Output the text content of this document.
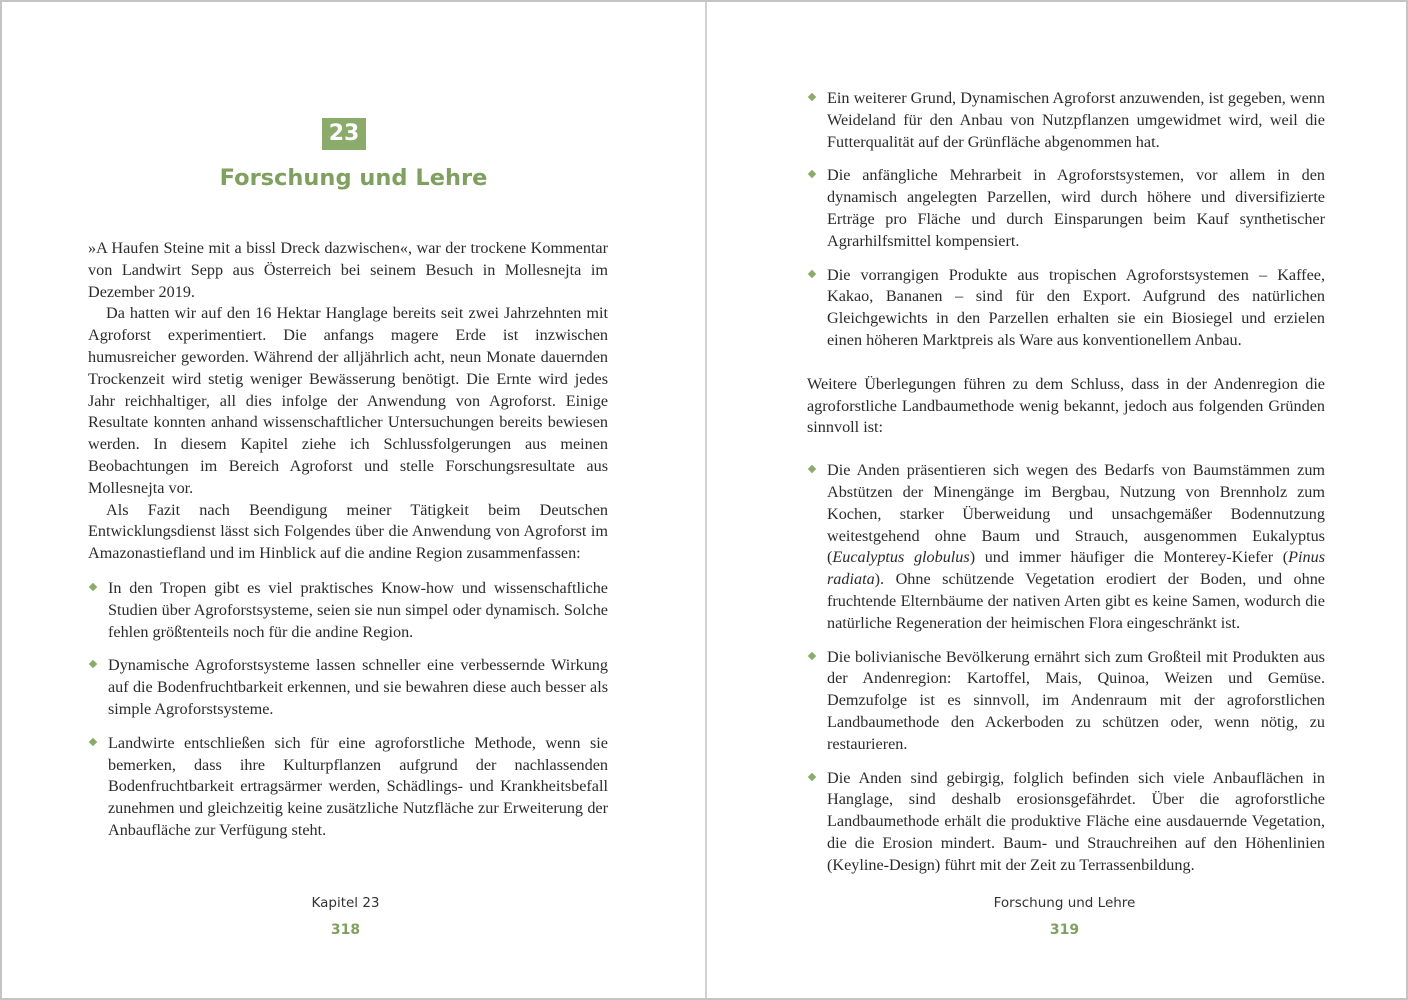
23
Forschung und Lehre

»A Haufen Steine mit a bissl Dreck dazwischen«, war der trockene Kommentar von Landwirt Sepp aus Österreich bei seinem Besuch in Mollesnejta im Dezember 2019.

Da hatten wir auf den 16 Hektar Hanglage bereits seit zwei Jahrzehnten mit Agroforst experimentiert. Die anfangs magere Erde ist inzwischen humusreicher geworden. Während der alljährlich acht, neun Monate dauernden Trockenzeit wird stetig weniger Bewässerung benötigt. Die Ernte wird jedes Jahr reichhaltiger, all dies infolge der Anwendung von Agroforst. Einige Resultate konnten anhand wissenschaftlicher Untersuchungen bereits bewiesen werden. In diesem Kapitel ziehe ich Schlussfolgerungen aus meinen Beobachtungen im Bereich Agroforst und stelle Forschungsresultate aus Mollesnejta vor.

Als Fazit nach Beendigung meiner Tätigkeit beim Deutschen Entwicklungsdienst lässt sich Folgendes über die Anwendung von Agroforst im Amazonastiefland und im Hinblick auf die andine Region zusammenfassen:

In den Tropen gibt es viel praktisches Know-how und wissenschaftliche Studien über Agroforstsysteme, seien sie nun simpel oder dynamisch. Solche fehlen größtenteils noch für die andine Region.

Dynamische Agroforstsysteme lassen schneller eine verbessernde Wirkung auf die Bodenfruchtbarkeit erkennen, und sie bewahren diese auch besser als simple Agroforstsysteme.

Landwirte entschließen sich für eine agroforstliche Methode, wenn sie bemerken, dass ihre Kulturpflanzen aufgrund der nachlassenden Bodenfruchtbarkeit ertragsärmer werden, Schädlings- und Krankheitsbefall zunehmen und gleichzeitig keine zusätzliche Nutzfläche zur Erweiterung der Anbaufläche zur Verfügung steht.

Kapitel 23
318

Ein weiterer Grund, Dynamischen Agroforst anzuwenden, ist gegeben, wenn Weideland für den Anbau von Nutzpflanzen umgewidmet wird, weil die Futterqualität auf der Grünfläche abgenommen hat.

Die anfängliche Mehrarbeit in Agroforstsystemen, vor allem in den dynamisch angelegten Parzellen, wird durch höhere und diversifizierte Erträge pro Fläche und durch Einsparungen beim Kauf synthetischer Agrarhilfsmittel kompensiert.

Die vorrangigen Produkte aus tropischen Agroforstsystemen – Kaffee, Kakao, Bananen – sind für den Export. Aufgrund des natürlichen Gleichgewichts in den Parzellen erhalten sie ein Biosiegel und erzielen einen höheren Marktpreis als Ware aus konventionellem Anbau.

Weitere Überlegungen führen zu dem Schluss, dass in der Andenregion die agroforstliche Landbaumethode wenig bekannt, jedoch aus folgenden Gründen sinnvoll ist:

Die Anden präsentieren sich wegen des Bedarfs von Baumstämmen zum Abstützen der Minengänge im Bergbau, Nutzung von Brennholz zum Kochen, starker Überweidung und unsachgemäßer Bodennutzung weitestgehend ohne Baum und Strauch, ausgenommen Eukalyptus (Eucalyptus globulus) und immer häufiger die Monterey-Kiefer (Pinus radiata). Ohne schützende Vegetation erodiert der Boden, und ohne fruchtende Elternbäume der nativen Arten gibt es keine Samen, wodurch die natürliche Regeneration der heimischen Flora eingeschränkt ist.

Die bolivianische Bevölkerung ernährt sich zum Großteil mit Produkten aus der Andenregion: Kartoffel, Mais, Quinoa, Weizen und Gemüse. Demzufolge ist es sinnvoll, im Andenraum mit der agroforstlichen Landbaumethode den Ackerboden zu schützen oder, wenn nötig, zu restaurieren.

Die Anden sind gebirgig, folglich befinden sich viele Anbauflächen in Hanglage, sind deshalb erosionsgefährdet. Über die agroforstliche Landbaumethode erhält die produktive Fläche eine ausdauernde Vegetation, die die Erosion mindert. Baum- und Strauchreihen auf den Höhenlinien (Keyline-Design) führt mit der Zeit zu Terrassenbildung.

Forschung und Lehre
319
